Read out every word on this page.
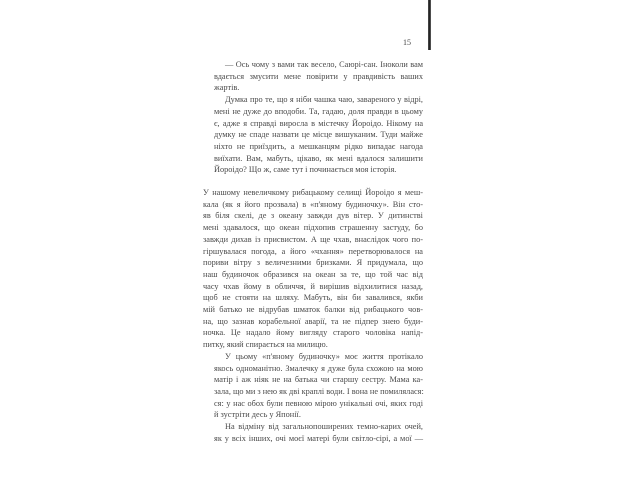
15

— Ось чому з вами так весело, Саюрі-сан. Іноколи вам
вдається змусити мене повірити у правдивість ваших
жартів.

Думка про те, що я ніби чашка чаю, завареного у відрі,
мені не дуже до вподоби. Та, гадаю, доля правди в цьому
є, адже я справді виросла в містечку Йороідо. Нікому на
думку не спаде назвати це місце вишуканим. Туди майже
ніхто не приїздить, а мешканцям рідко випадає нагода
виїхати. Вам, мабуть, цікаво, як мені вдалося залишити
Йороідо? Що ж, саме тут і починається моя історія.

У нашому невеличкому рибацькому селищі Йороідо я меш-
кала (як я його прозвала) в «п'яному будиночку». Він сто-
яв біля скелі, де з океану завжди дув вітер. У дитинстві
мені здавалося, що океан підхопив страшенну застуду, бо
завжди дихав із присвистом. А ще чхав, внаслідок чого по-
гіршувалася погода, а його «чхання» перетворювалося на
пориви вітру з величезними бризками. Я придумала, що
наш будиночок образився на океан за те, що той час від
часу чхав йому в обличчя, й вирішив відхилитися назад,
щоб не стояти на шляху. Мабуть, він би завалився, якби
мій батько не відрубав шматок балки від рибацького чов-
на, що зазнав корабельної аварії, та не підпер знею буди-
ночка. Це надало йому вигляду старого чоловіка напід-
питку, який спирається на милицю.

У цьому «п'яному будиночку» моє життя протікало
якось одноманітно. Змалечку я дуже була схожою на мою
матір і аж ніяк не на батька чи старшу сестру. Мама ка-
зала, що ми з нею як дві краплі води. І вона не помилялася:
ся: у нас обох були певною мірою унікальні очі, яких годі
й зустріти десь у Японії.

На відміну від загальнопоширених темно-карих очей,
як у всіх інших, очі моєї матері були світло-сірі, а мої —
